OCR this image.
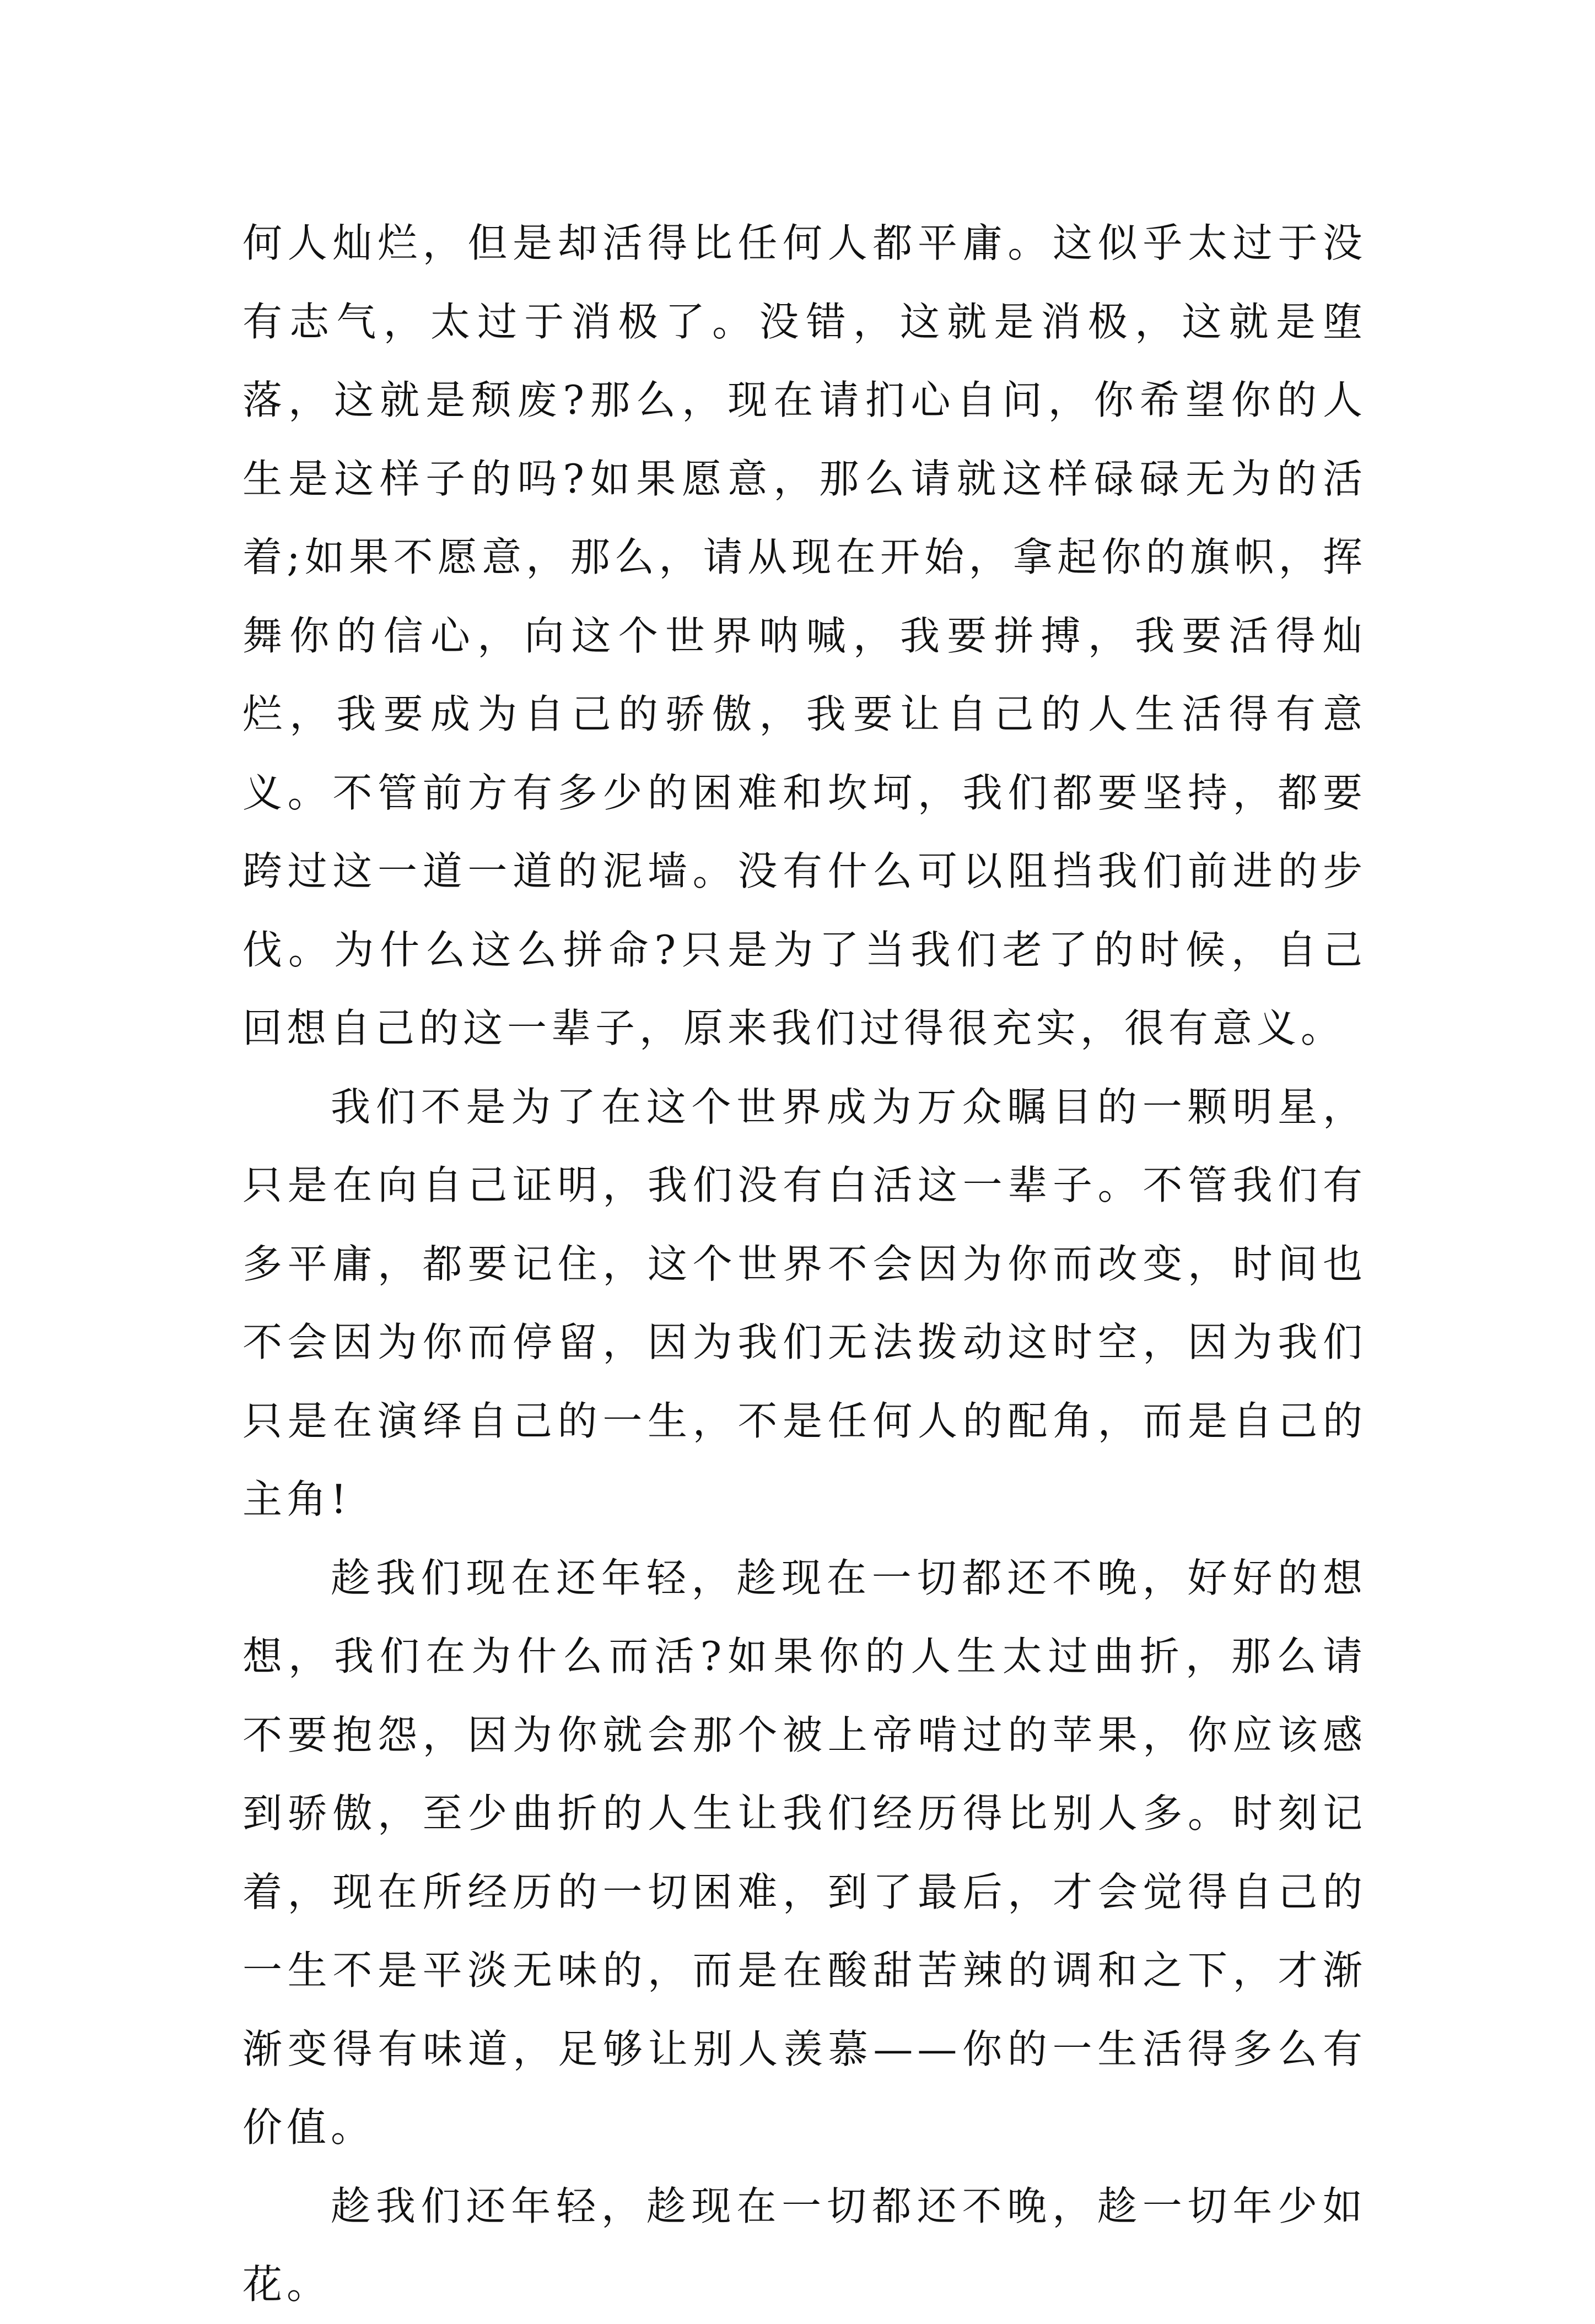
何人灿烂，但是却活得比任何人都平庸。这似乎太过于没有志气，太过于消极了。没错，这就是消极，这就是堕落，这就是颓废?那么，现在请扪心自问，你希望你的人生是这样子的吗?如果愿意，那么请就这样碌碌无为的活着;如果不愿意，那么，请从现在开始，拿起你的旗帜，挥舞你的信心，向这个世界呐喊，我要拼搏，我要活得灿烂，我要成为自己的骄傲，我要让自己的人生活得有意义。不管前方有多少的困难和坎坷，我们都要坚持，都要跨过这一道一道的泥墙。没有什么可以阻挡我们前进的步伐。为什么这么拼命?只是为了当我们老了的时候，自己回想自己的这一辈子，原来我们过得很充实，很有意义。

我们不是为了在这个世界成为万众瞩目的一颗明星，只是在向自己证明，我们没有白活这一辈子。不管我们有多平庸，都要记住，这个世界不会因为你而改变，时间也不会因为你而停留，因为我们无法拨动这时空，因为我们只是在演绎自己的一生，不是任何人的配角，而是自己的主角!

趁我们现在还年轻，趁现在一切都还不晚，好好的想想，我们在为什么而活?如果你的人生太过曲折，那么请不要抱怨，因为你就会那个被上帝啃过的苹果，你应该感到骄傲，至少曲折的人生让我们经历得比别人多。时刻记着，现在所经历的一切困难，到了最后，才会觉得自己的一生不是平淡无味的，而是在酸甜苦辣的调和之下，才渐渐变得有味道，足够让别人羡慕——你的一生活得多么有价值。

趁我们还年轻，趁现在一切都还不晚，趁一切年少如花。
